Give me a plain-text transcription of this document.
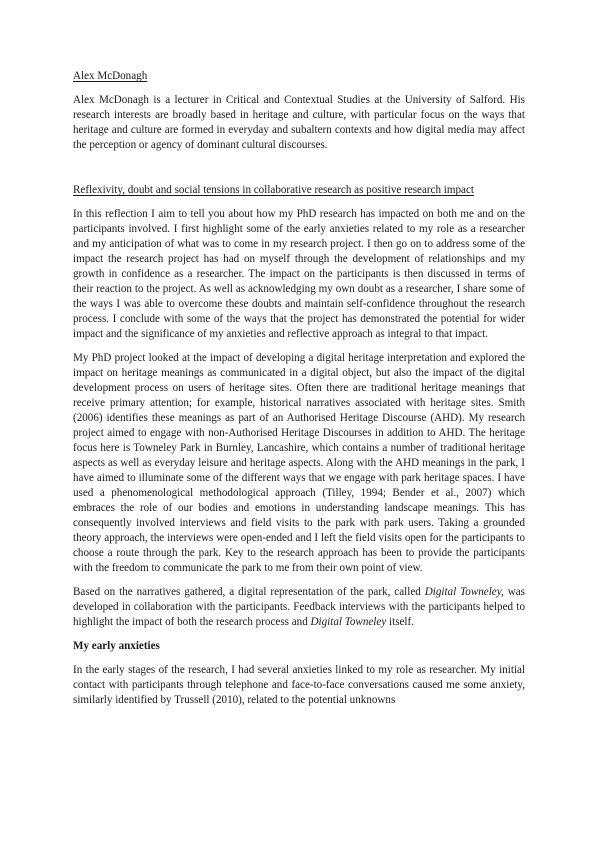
Alex McDonagh

Alex McDonagh is a lecturer in Critical and Contextual Studies at the University of Salford. His research interests are broadly based in heritage and culture, with particular focus on the ways that heritage and culture are formed in everyday and subaltern contexts and how digital media may affect the perception or agency of dominant cultural discourses.

Reflexivity, doubt and social tensions in collaborative research as positive research impact

In this reflection I aim to tell you about how my PhD research has impacted on both me and on the participants involved. I first highlight some of the early anxieties related to my role as a researcher and my anticipation of what was to come in my research project. I then go on to address some of the impact the research project has had on myself through the development of relationships and my growth in confidence as a researcher. The impact on the participants is then discussed in terms of their reaction to the project. As well as acknowledging my own doubt as a researcher, I share some of the ways I was able to overcome these doubts and maintain self-confidence throughout the research process. I conclude with some of the ways that the project has demonstrated the potential for wider impact and the significance of my anxieties and reflective approach as integral to that impact.

My PhD project looked at the impact of developing a digital heritage interpretation and explored the impact on heritage meanings as communicated in a digital object, but also the impact of the digital development process on users of heritage sites. Often there are traditional heritage meanings that receive primary attention; for example, historical narratives associated with heritage sites. Smith (2006) identifies these meanings as part of an Authorised Heritage Discourse (AHD). My research project aimed to engage with non-Authorised Heritage Discourses in addition to AHD. The heritage focus here is Towneley Park in Burnley, Lancashire, which contains a number of traditional heritage aspects as well as everyday leisure and heritage aspects. Along with the AHD meanings in the park, I have aimed to illuminate some of the different ways that we engage with park heritage spaces. I have used a phenomenological methodological approach (Tilley, 1994; Bender et al., 2007) which embraces the role of our bodies and emotions in understanding landscape meanings. This has consequently involved interviews and field visits to the park with park users. Taking a grounded theory approach, the interviews were open-ended and I left the field visits open for the participants to choose a route through the park. Key to the research approach has been to provide the participants with the freedom to communicate the park to me from their own point of view.

Based on the narratives gathered, a digital representation of the park, called Digital Towneley, was developed in collaboration with the participants. Feedback interviews with the participants helped to highlight the impact of both the research process and Digital Towneley itself.

My early anxieties

In the early stages of the research, I had several anxieties linked to my role as researcher. My initial contact with participants through telephone and face-to-face conversations caused me some anxiety, similarly identified by Trussell (2010), related to the potential unknowns
